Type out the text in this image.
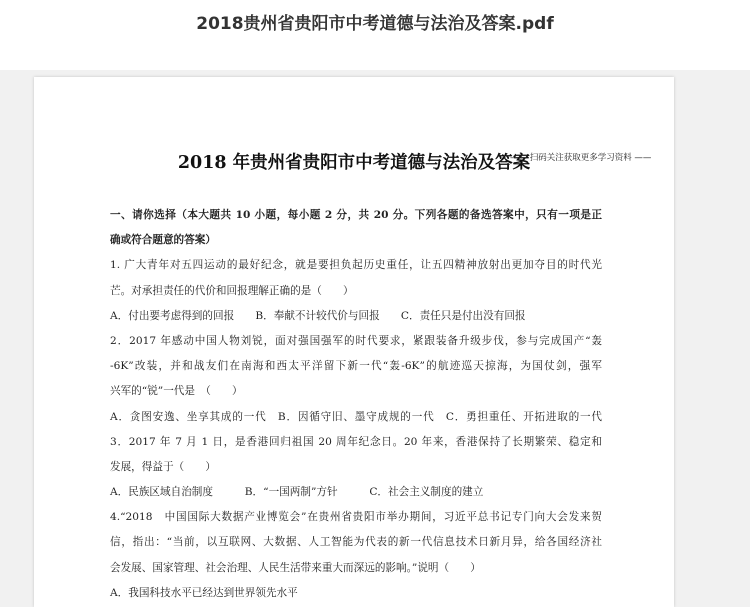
2018贵州省贵阳市中考道德与法治及答案.pdf
2018 年贵州省贵阳市中考道德与法治及答案
—— 扫码关注获取更多学习资料 ——
一、请你选择（本大题共 10 小题，每小题 2 分，共 20 分。下列各题的备选答案中，只有一项是正
确或符合题意的答案）
1. 广大青年对五四运动的最好纪念，就是要担负起历史重任，让五四精神放射出更加夺目的时代光
芒。对承担责任的代价和回报理解正确的是（　　）
A．付出要考虑得到的回报　　B．奉献不计较代价与回报　　C．责任只是付出没有回报
2．2017 年感动中国人物刘锐，面对强国强军的时代要求，紧跟装备升级步伐，参与完成国产“轰
-6K”改装，并和战友们在南海和西太平洋留下新一代“轰-6K”的航迹巡天掠海，为国仗剑，强军
兴军的“锐”一代是　（　　）
A．贪图安逸、坐享其成的一代　B．因循守旧、墨守成规的一代　C．勇担重任、开拓进取的一代
3．2017 年 7 月 1 日，是香港回归祖国 20 周年纪念日。20 年来，香港保持了长期繁荣、稳定和
发展，得益于（　　）
A．民族区域自治制度　　　B．“一国两制”方针　　　C．社会主义制度的建立
4.“2018　中国国际大数据产业博览会”在贵州省贵阳市举办期间，习近平总书记专门向大会发来贺
信，指出：“当前，以互联网、大数据、人工智能为代表的新一代信息技术日新月异，给各国经济社
会发展、国家管理、社会治理、人民生活带来重大而深远的影响。”说明（　　）
A．我国科技水平已经达到世界领先水平
